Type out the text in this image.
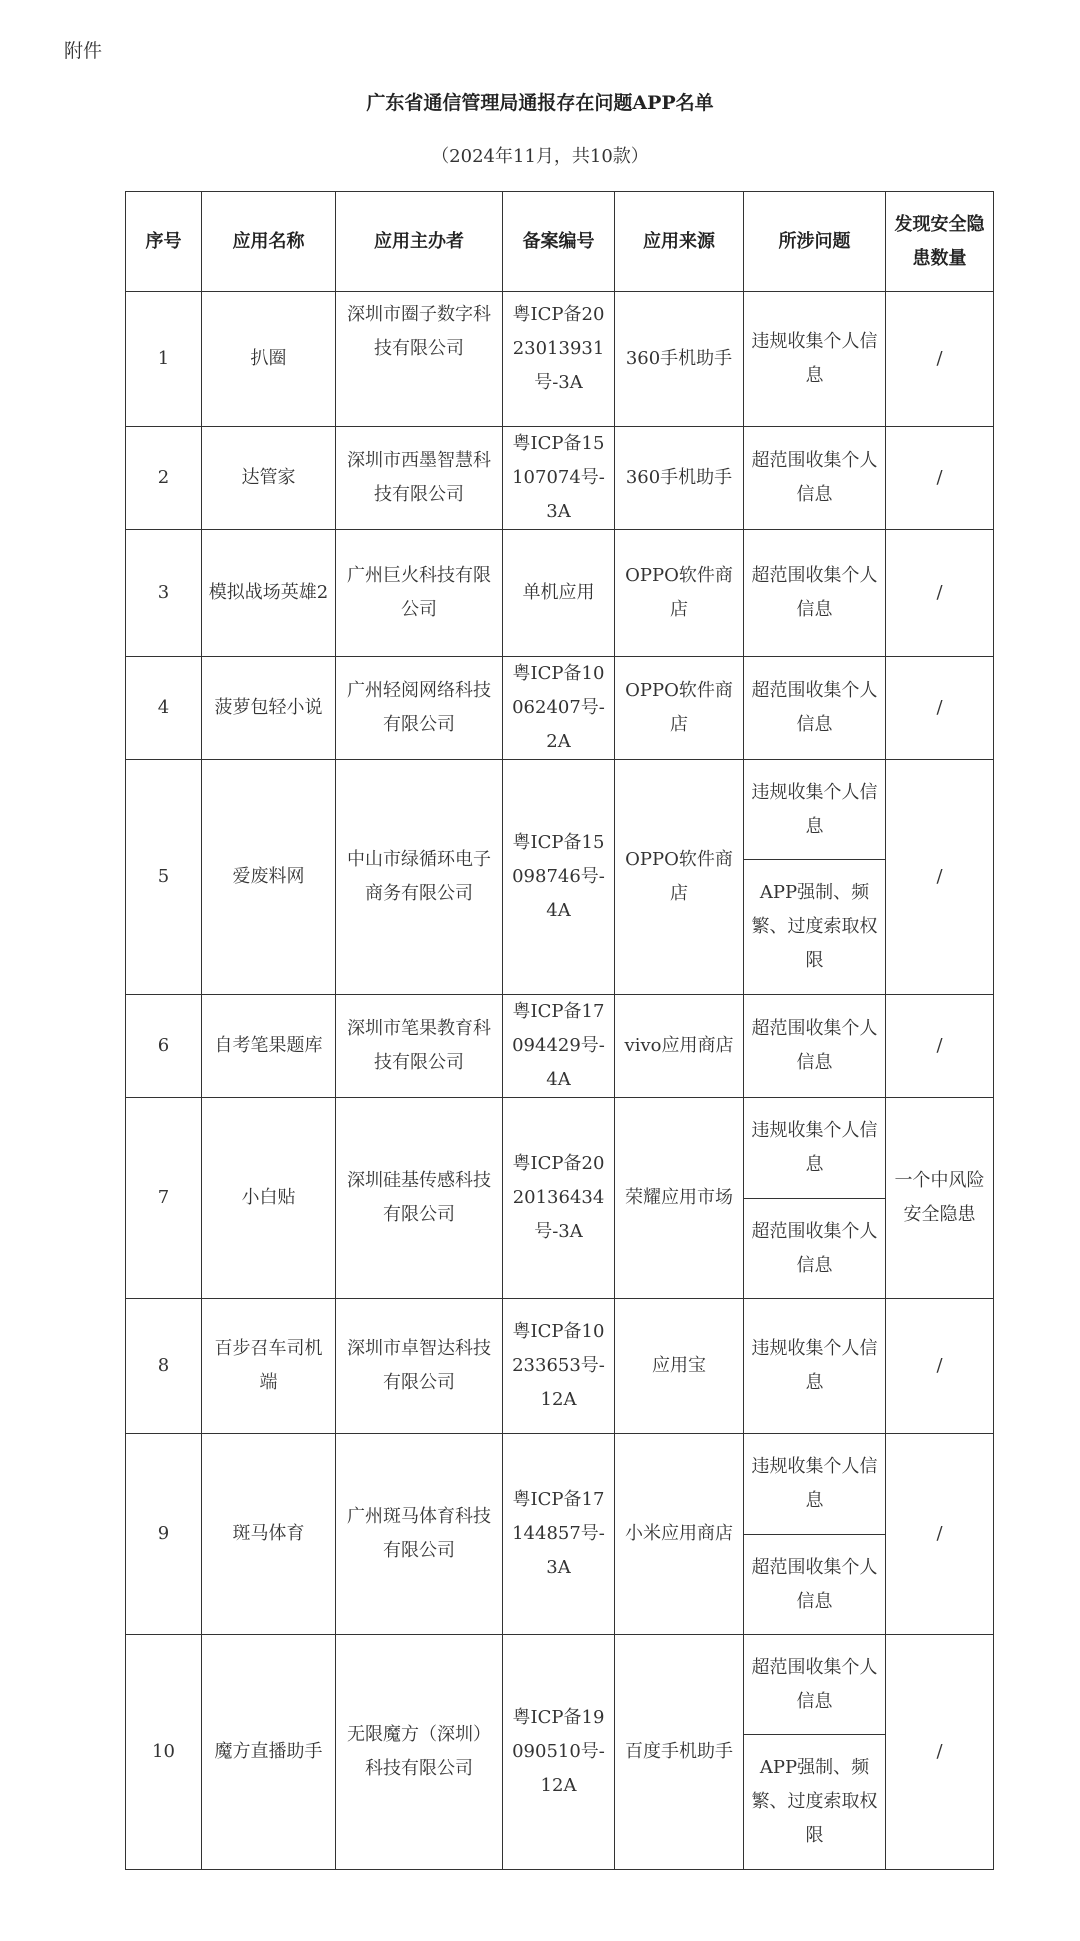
附件
广东省通信管理局通报存在问题APP名单
（2024年11月，共10款）
序号	应用名称	应用主办者	备案编号	应用来源	所涉问题	发现安全隐患数量
1	扒圈	深圳市圈子数字科技有限公司	粤ICP备2023013931号-3A	360手机助手	违规收集个人信息	/
2	达管家	深圳市西墨智慧科技有限公司	粤ICP备15107074号-3A	360手机助手	超范围收集个人信息	/
3	模拟战场英雄2	广州巨火科技有限公司	单机应用	OPPO软件商店	超范围收集个人信息	/
4	菠萝包轻小说	广州轻阅网络科技有限公司	粤ICP备10062407号-2A	OPPO软件商店	超范围收集个人信息	/
5	爱废料网	中山市绿循环电子商务有限公司	粤ICP备15098746号-4A	OPPO软件商店	违规收集个人信息	/
					APP强制、频繁、过度索取权限	
6	自考笔果题库	深圳市笔果教育科技有限公司	粤ICP备17094429号-4A	vivo应用商店	超范围收集个人信息	/
7	小白贴	深圳硅基传感科技有限公司	粤ICP备2020136434号-3A	荣耀应用市场	违规收集个人信息	一个中风险安全隐患
					超范围收集个人信息	
8	百步召车司机端	深圳市卓智达科技有限公司	粤ICP备10233653号-12A	应用宝	违规收集个人信息	/
9	斑马体育	广州斑马体育科技有限公司	粤ICP备17144857号-3A	小米应用商店	违规收集个人信息	/
					超范围收集个人信息	
10	魔方直播助手	无限魔方（深圳）科技有限公司	粤ICP备19090510号-12A	百度手机助手	超范围收集个人信息	/
					APP强制、频繁、过度索取权限	
